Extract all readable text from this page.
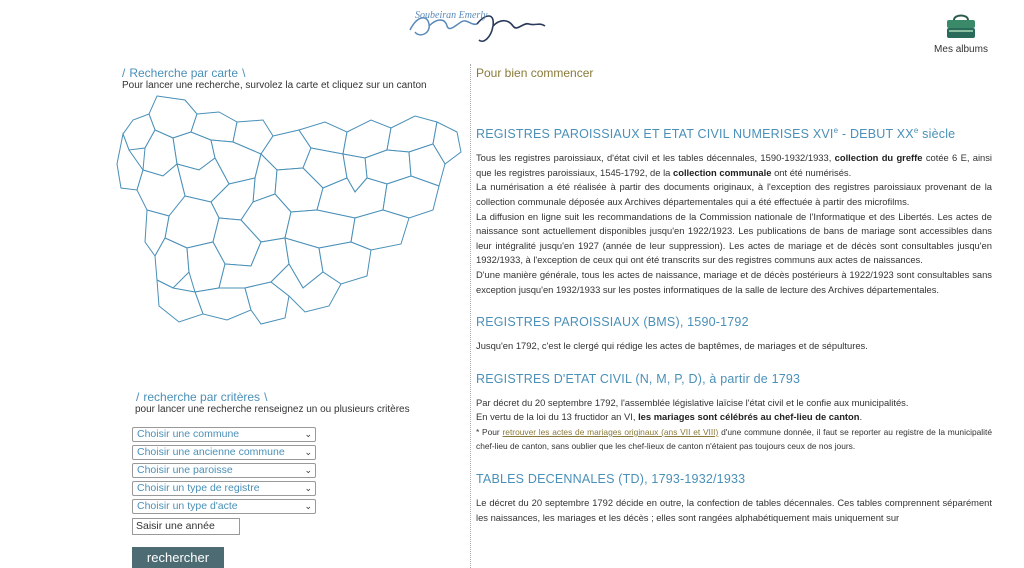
Soubeiran Emerly
Mes albums
/ Recherche par carte \
Pour lancer une recherche, survolez la carte et cliquez sur un canton
/ recherche par critères \
pour lancer une recherche renseignez un ou plusieurs critères
Choisir une commune	⌄
Choisir une ancienne commune ⌄
Choisir une paroisse	⌄
Choisir un type de registre	⌄
Choisir un type d'acte	⌄
Saisir une année
rechercher
Pour bien commencer
REGISTRES PAROISSIAUX ET ETAT CIVIL NUMERISES XVIe - DEBUT XXe siècle

Tous les registres paroissiaux, d'état civil et les tables décennales, 1590-1932/1933, collection du greffe cotée 6 E, ainsi que les registres paroissiaux, 1545-1792, de la collection communale ont été numérisés.
La numérisation a été réalisée à partir des documents originaux, à l'exception des registres paroissiaux provenant de la collection communale déposée aux Archives départementales qui a été effectuée à partir des microfilms.
La diffusion en ligne suit les recommandations de la Commission nationale de l'Informatique et des Libertés. Les actes de naissance sont actuellement disponibles jusqu'en 1922/1923. Les publications de bans de mariage sont accessibles dans leur intégralité jusqu'en 1927 (année de leur suppression). Les actes de mariage et de décès sont consultables jusqu'en 1932/1933, à l'exception de ceux qui ont été transcrits sur des registres communs aux actes de naissances.
D'une manière générale, tous les actes de naissance, mariage et de décès postérieurs à 1922/1923 sont consultables sans exception jusqu'en 1932/1933 sur les postes informatiques de la salle de lecture des Archives départementales.

REGISTRES PAROISSIAUX (BMS), 1590-1792

Jusqu'en 1792, c'est le clergé qui rédige les actes de baptêmes, de mariages et de sépultures.

REGISTRES D'ETAT CIVIL (N, M, P, D), à partir de 1793

Par décret du 20 septembre 1792, l'assemblée législative laïcise l'état civil et le confie aux municipalités.
En vertu de la loi du 13 fructidor an VI, les mariages sont célébrés au chef-lieu de canton.

* Pour retrouver les actes de mariages originaux (ans VII et VIII) d'une commune donnée, il faut se reporter au registre de la municipalité chef-lieu de canton, sans oublier que les chef-lieux de canton n'étaient pas toujours ceux de nos jours.

TABLES DECENNALES (TD), 1793-1932/1933

Le décret du 20 septembre 1792 décide en outre, la confection de tables décennales. Ces tables comprennent séparément les naissances, les mariages et les décès ; elles sont rangées alphabétiquement mais uniquement sur
